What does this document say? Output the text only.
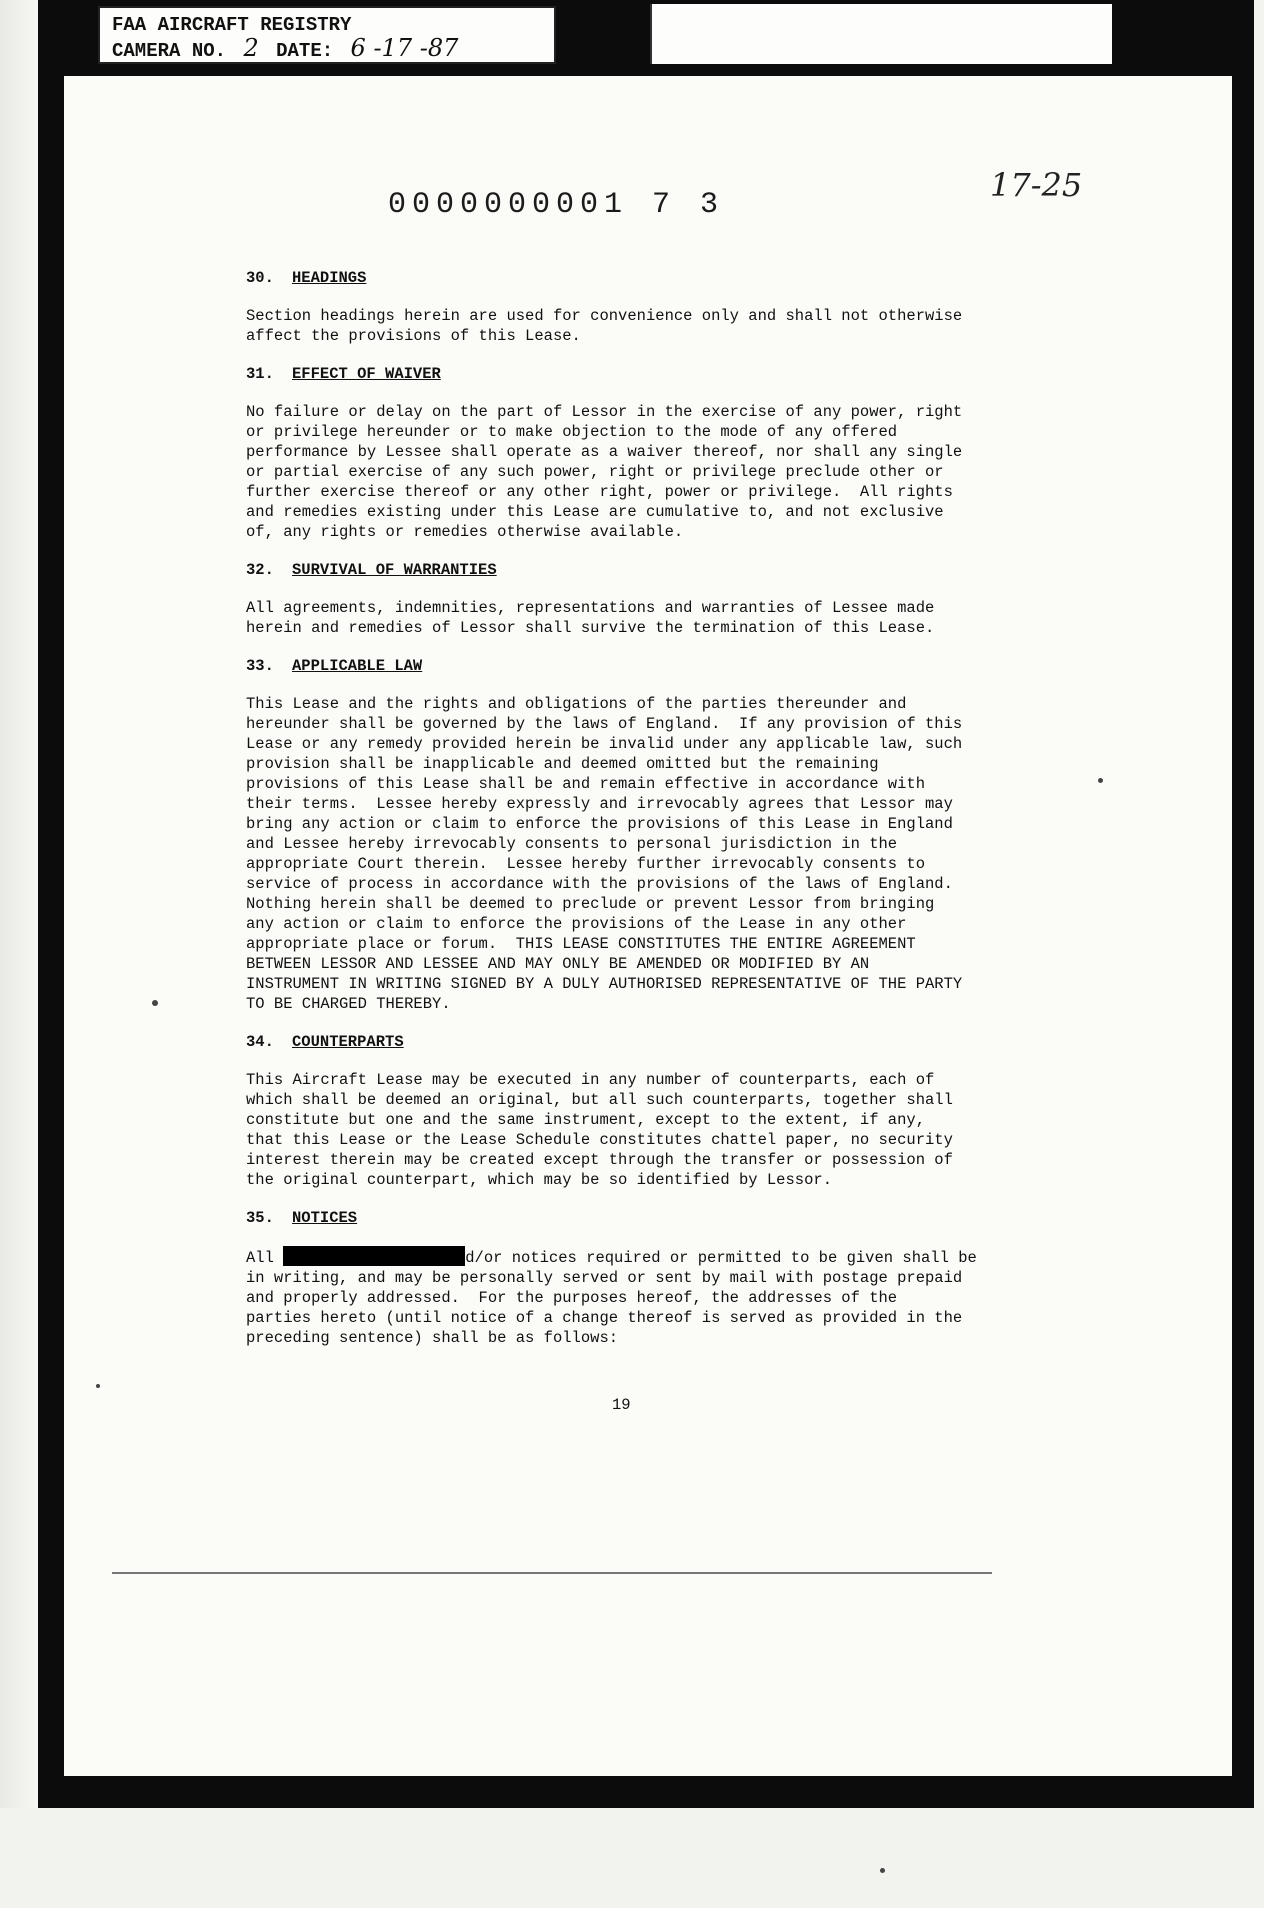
FAA AIRCRAFT REGISTRY
CAMERA NO. 2 DATE: 6 -17 -87
0000000001 7 3
17-25
30. HEADINGS

Section headings herein are used for convenience only and shall not otherwise
affect the provisions of this Lease.

31. EFFECT OF WAIVER

No failure or delay on the part of Lessor in the exercise of any power, right
or privilege hereunder or to make objection to the mode of any offered
performance by Lessee shall operate as a waiver thereof, nor shall any single
or partial exercise of any such power, right or privilege preclude other or
further exercise thereof or any other right, power or privilege.  All rights
and remedies existing under this Lease are cumulative to, and not exclusive
of, any rights or remedies otherwise available.

32. SURVIVAL OF WARRANTIES

All agreements, indemnities, representations and warranties of Lessee made
herein and remedies of Lessor shall survive the termination of this Lease.

33. APPLICABLE LAW

This Lease and the rights and obligations of the parties thereunder and
hereunder shall be governed by the laws of England.  If any provision of this
Lease or any remedy provided herein be invalid under any applicable law, such
provision shall be inapplicable and deemed omitted but the remaining
provisions of this Lease shall be and remain effective in accordance with
their terms.  Lessee hereby expressly and irrevocably agrees that Lessor may
bring any action or claim to enforce the provisions of this Lease in England
and Lessee hereby irrevocably consents to personal jurisdiction in the
appropriate Court therein.  Lessee hereby further irrevocably consents to
service of process in accordance with the provisions of the laws of England.
Nothing herein shall be deemed to preclude or prevent Lessor from bringing
any action or claim to enforce the provisions of the Lease in any other
appropriate place or forum.  THIS LEASE CONSTITUTES THE ENTIRE AGREEMENT
BETWEEN LESSOR AND LESSEE AND MAY ONLY BE AMENDED OR MODIFIED BY AN
INSTRUMENT IN WRITING SIGNED BY A DULY AUTHORISED REPRESENTATIVE OF THE PARTY
TO BE CHARGED THEREBY.

34. COUNTERPARTS

This Aircraft Lease may be executed in any number of counterparts, each of
which shall be deemed an original, but all such counterparts, together shall
constitute but one and the same instrument, except to the extent, if any,
that this Lease or the Lease Schedule constitutes chattel paper, no security
interest therein may be created except through the transfer or possession of
the original counterpart, which may be so identified by Lessor.

35. NOTICES

All	d/or notices required or permitted to be given shall be
in writing, and may be personally served or sent by mail with postage prepaid
and properly addressed.  For the purposes hereof, the addresses of the
parties hereto (until notice of a change thereof is served as provided in the
preceding sentence) shall be as follows:

19
